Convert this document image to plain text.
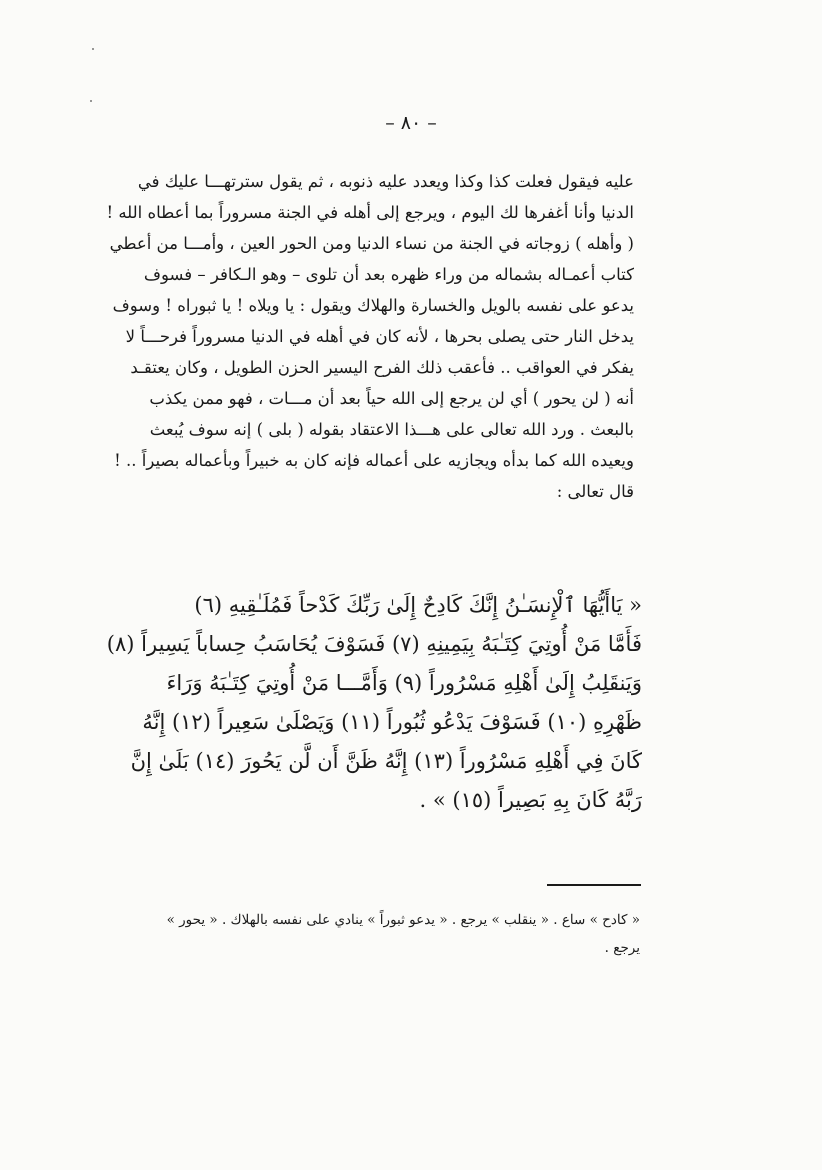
– ٨٠ –
عليه فيقول فعلت كذا وكذا ويعدد عليه ذنوبه ، ثم يقول سترتهـــا عليك في
الدنيا وأنا أغفرها لك اليوم ، ويرجع إلى أهله في الجنة مسروراً بما أعطاه الله !
( وأهله ) زوجاته في الجنة من نساء الدنيا ومن الحور العين ، وأمـــا من أعطي
كتاب أعمـاله بشماله من وراء ظهره بعد أن تلوى – وهو الـكافر – فسوف
يدعو على نفسه بالويل والخسارة والهلاك ويقول : يا ويلاه ! يا ثبوراه ! وسوف
يدخل النار حتى يصلى بحرها ، لأنه كان في أهله في الدنيا مسروراً فرحـــاً لا
يفكر في العواقب .. فأعقب ذلك الفرح اليسير الحزن الطويل ، وكان يعتقـد
أنه ( لن يحور ) أي لن يرجع إلى الله حياً بعد أن مـــات ، فهو ممن يكذب
بالبعث . ورد الله تعالى على هـــذا الاعتقاد بقوله ( بلى ) إنه سوف يُبعث
ويعيده الله كما بدأه ويجازيه على أعماله فإنه كان به خبيراً وبأعماله بصيراً .. !
قال تعالى :
« يَاأَيُّهَا ٱلْإِنسَـٰنُ إِنَّكَ كَادِحٌ إِلَىٰ رَبِّكَ كَدْحاً فَمُلَـٰقِيهِ (٦)
فَأَمَّا مَنْ أُوتِيَ كِتَـٰبَهُ بِيَمِينِهِ (٧) فَسَوْفَ يُحَاسَبُ حِساباً يَسِيراً (٨)
وَيَنقَلِبُ إِلَىٰ أَهْلِهِ مَسْرُوراً (٩) وَأَمَّـــا مَنْ أُوتِيَ كِتَـٰبَهُ وَرَاءَ
ظَهْرِهِ (١٠) فَسَوْفَ يَدْعُو ثُبُوراً (١١) وَيَصْلَىٰ سَعِيراً (١٢) إِنَّهُ
كَانَ فِي أَهْلِهِ مَسْرُوراً (١٣) إِنَّهُ ظَنَّ أَن لَّن يَحُورَ (١٤) بَلَىٰ إِنَّ
رَبَّهُ كَانَ بِهِ بَصِيراً (١٥) » .
« كادح » ساع . « ينقلب » يرجع . « يدعو ثبوراً » ينادي على نفسه بالهلاك . « يحور »
يرجع .
